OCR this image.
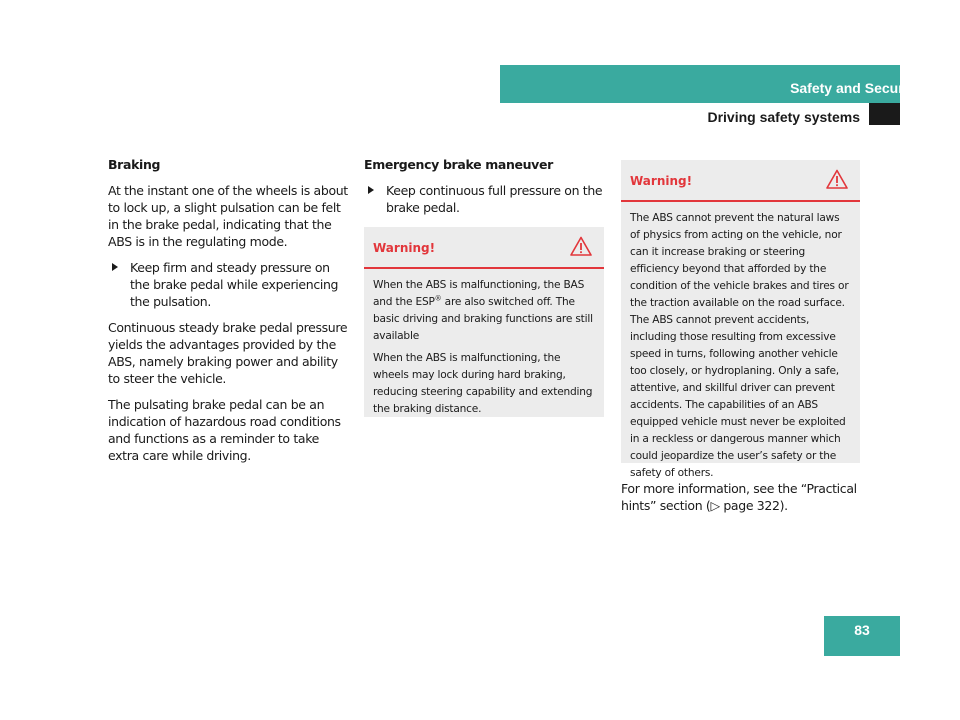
Safety and Security
Driving safety systems
Braking

At the instant one of the wheels is about to lock up, a slight pulsation can be felt in the brake pedal, indicating that the ABS is in the regulating mode.

Keep firm and steady pressure on the brake pedal while experiencing the pulsation.

Continuous steady brake pedal pressure yields the advantages provided by the ABS, namely braking power and ability to steer the vehicle.

The pulsating brake pedal can be an indication of hazardous road conditions and functions as a reminder to take extra care while driving.

Emergency brake maneuver
Keep continuous full pressure on the brake pedal.
Warning!

When the ABS is malfunctioning, the BAS and the ESP® are also switched off. The basic driving and braking functions are still available

When the ABS is malfunctioning, the wheels may lock during hard braking, reducing steering capability and extending the braking distance.

Warning!

The ABS cannot prevent the natural laws of physics from acting on the vehicle, nor can it increase braking or steering efficiency beyond that afforded by the condition of the vehicle brakes and tires or the traction available on the road surface. The ABS cannot prevent accidents, including those resulting from excessive speed in turns, following another vehicle too closely, or hydroplaning. Only a safe, attentive, and skillful driver can prevent accidents. The capabilities of an ABS equipped vehicle must never be exploited in a reckless or dangerous manner which could jeopardize the user’s safety or the safety of others.

For more information, see the “Practical hints” section (▷ page 322).

83
